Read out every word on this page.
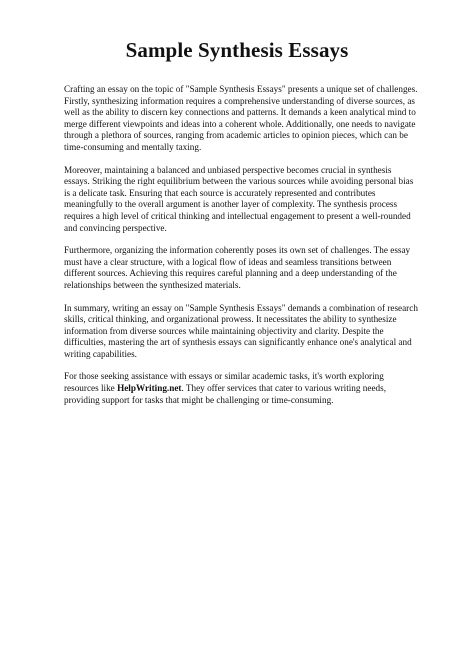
Sample Synthesis Essays

Crafting an essay on the topic of "Sample Synthesis Essays" presents a unique set of challenges. Firstly, synthesizing information requires a comprehensive understanding of diverse sources, as well as the ability to discern key connections and patterns. It demands a keen analytical mind to merge different viewpoints and ideas into a coherent whole. Additionally, one needs to navigate through a plethora of sources, ranging from academic articles to opinion pieces, which can be time-consuming and mentally taxing.

Moreover, maintaining a balanced and unbiased perspective becomes crucial in synthesis essays. Striking the right equilibrium between the various sources while avoiding personal bias is a delicate task. Ensuring that each source is accurately represented and contributes meaningfully to the overall argument is another layer of complexity. The synthesis process requires a high level of critical thinking and intellectual engagement to present a well-rounded and convincing perspective.

Furthermore, organizing the information coherently poses its own set of challenges. The essay must have a clear structure, with a logical flow of ideas and seamless transitions between different sources. Achieving this requires careful planning and a deep understanding of the relationships between the synthesized materials.

In summary, writing an essay on "Sample Synthesis Essays" demands a combination of research skills, critical thinking, and organizational prowess. It necessitates the ability to synthesize information from diverse sources while maintaining objectivity and clarity. Despite the difficulties, mastering the art of synthesis essays can significantly enhance one's analytical and writing capabilities.

For those seeking assistance with essays or similar academic tasks, it's worth exploring resources like HelpWriting.net. They offer services that cater to various writing needs, providing support for tasks that might be challenging or time-consuming.
